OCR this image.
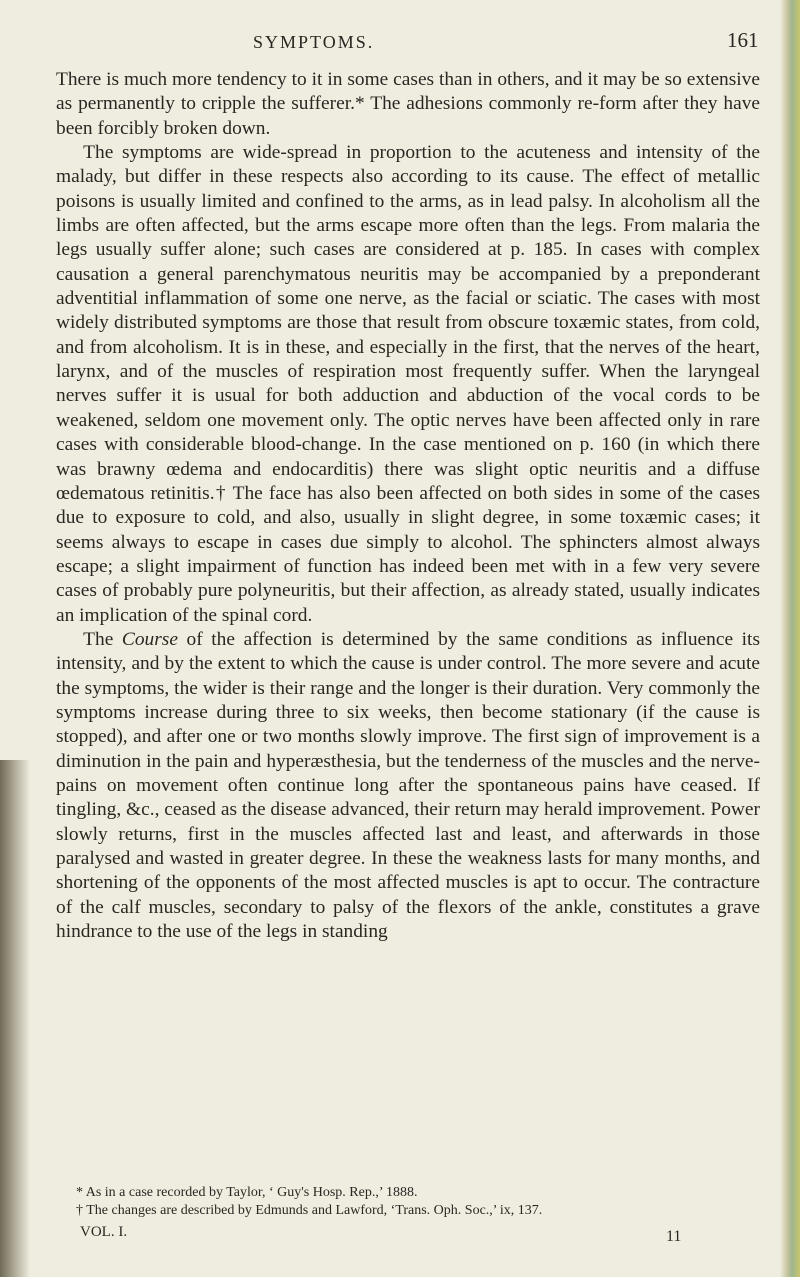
SYMPTOMS.	161

There is much more tendency to it in some cases than in others, and it may be so extensive as permanently to cripple the sufferer.* The adhesions commonly re-form after they have been forcibly broken down.

The symptoms are wide-spread in proportion to the acuteness and intensity of the malady, but differ in these respects also according to its cause. The effect of metallic poisons is usually limited and confined to the arms, as in lead palsy. In alcoholism all the limbs are often affected, but the arms escape more often than the legs. From malaria the legs usually suffer alone; such cases are considered at p. 185. In cases with complex causation a general parenchymatous neuritis may be accompanied by a preponderant adventitial inflammation of some one nerve, as the facial or sciatic. The cases with most widely distributed symptoms are those that result from obscure toxæmic states, from cold, and from alcoholism. It is in these, and especially in the first, that the nerves of the heart, larynx, and of the muscles of respiration most frequently suffer. When the laryngeal nerves suffer it is usual for both adduction and abduction of the vocal cords to be weakened, seldom one movement only. The optic nerves have been affected only in rare cases with considerable blood-change. In the case mentioned on p. 160 (in which there was brawny œdema and endocarditis) there was slight optic neuritis and a diffuse œdematous retinitis.† The face has also been affected on both sides in some of the cases due to exposure to cold, and also, usually in slight degree, in some toxæmic cases; it seems always to escape in cases due simply to alcohol. The sphincters almost always escape; a slight impairment of function has indeed been met with in a few very severe cases of probably pure polyneuritis, but their affection, as already stated, usually indicates an implication of the spinal cord.

The Course of the affection is determined by the same conditions as influence its intensity, and by the extent to which the cause is under control. The more severe and acute the symptoms, the wider is their range and the longer is their duration. Very commonly the symptoms increase during three to six weeks, then become stationary (if the cause is stopped), and after one or two months slowly improve. The first sign of improvement is a diminution in the pain and hyperæsthesia, but the tenderness of the muscles and the nerve-pains on movement often continue long after the spontaneous pains have ceased. If tingling, &c., ceased as the disease advanced, their return may herald improvement. Power slowly returns, first in the muscles affected last and least, and afterwards in those paralysed and wasted in greater degree. In these the weakness lasts for many months, and shortening of the opponents of the most affected muscles is apt to occur. The contracture of the calf muscles, secondary to palsy of the flexors of the ankle, constitutes a grave hindrance to the use of the legs in standing

* As in a case recorded by Taylor, ‘ Guy's Hosp. Rep.,’ 1888.
† The changes are described by Edmunds and Lawford, ‘Trans. Oph. Soc.,’ ix, 137.
VOL. I.	11
